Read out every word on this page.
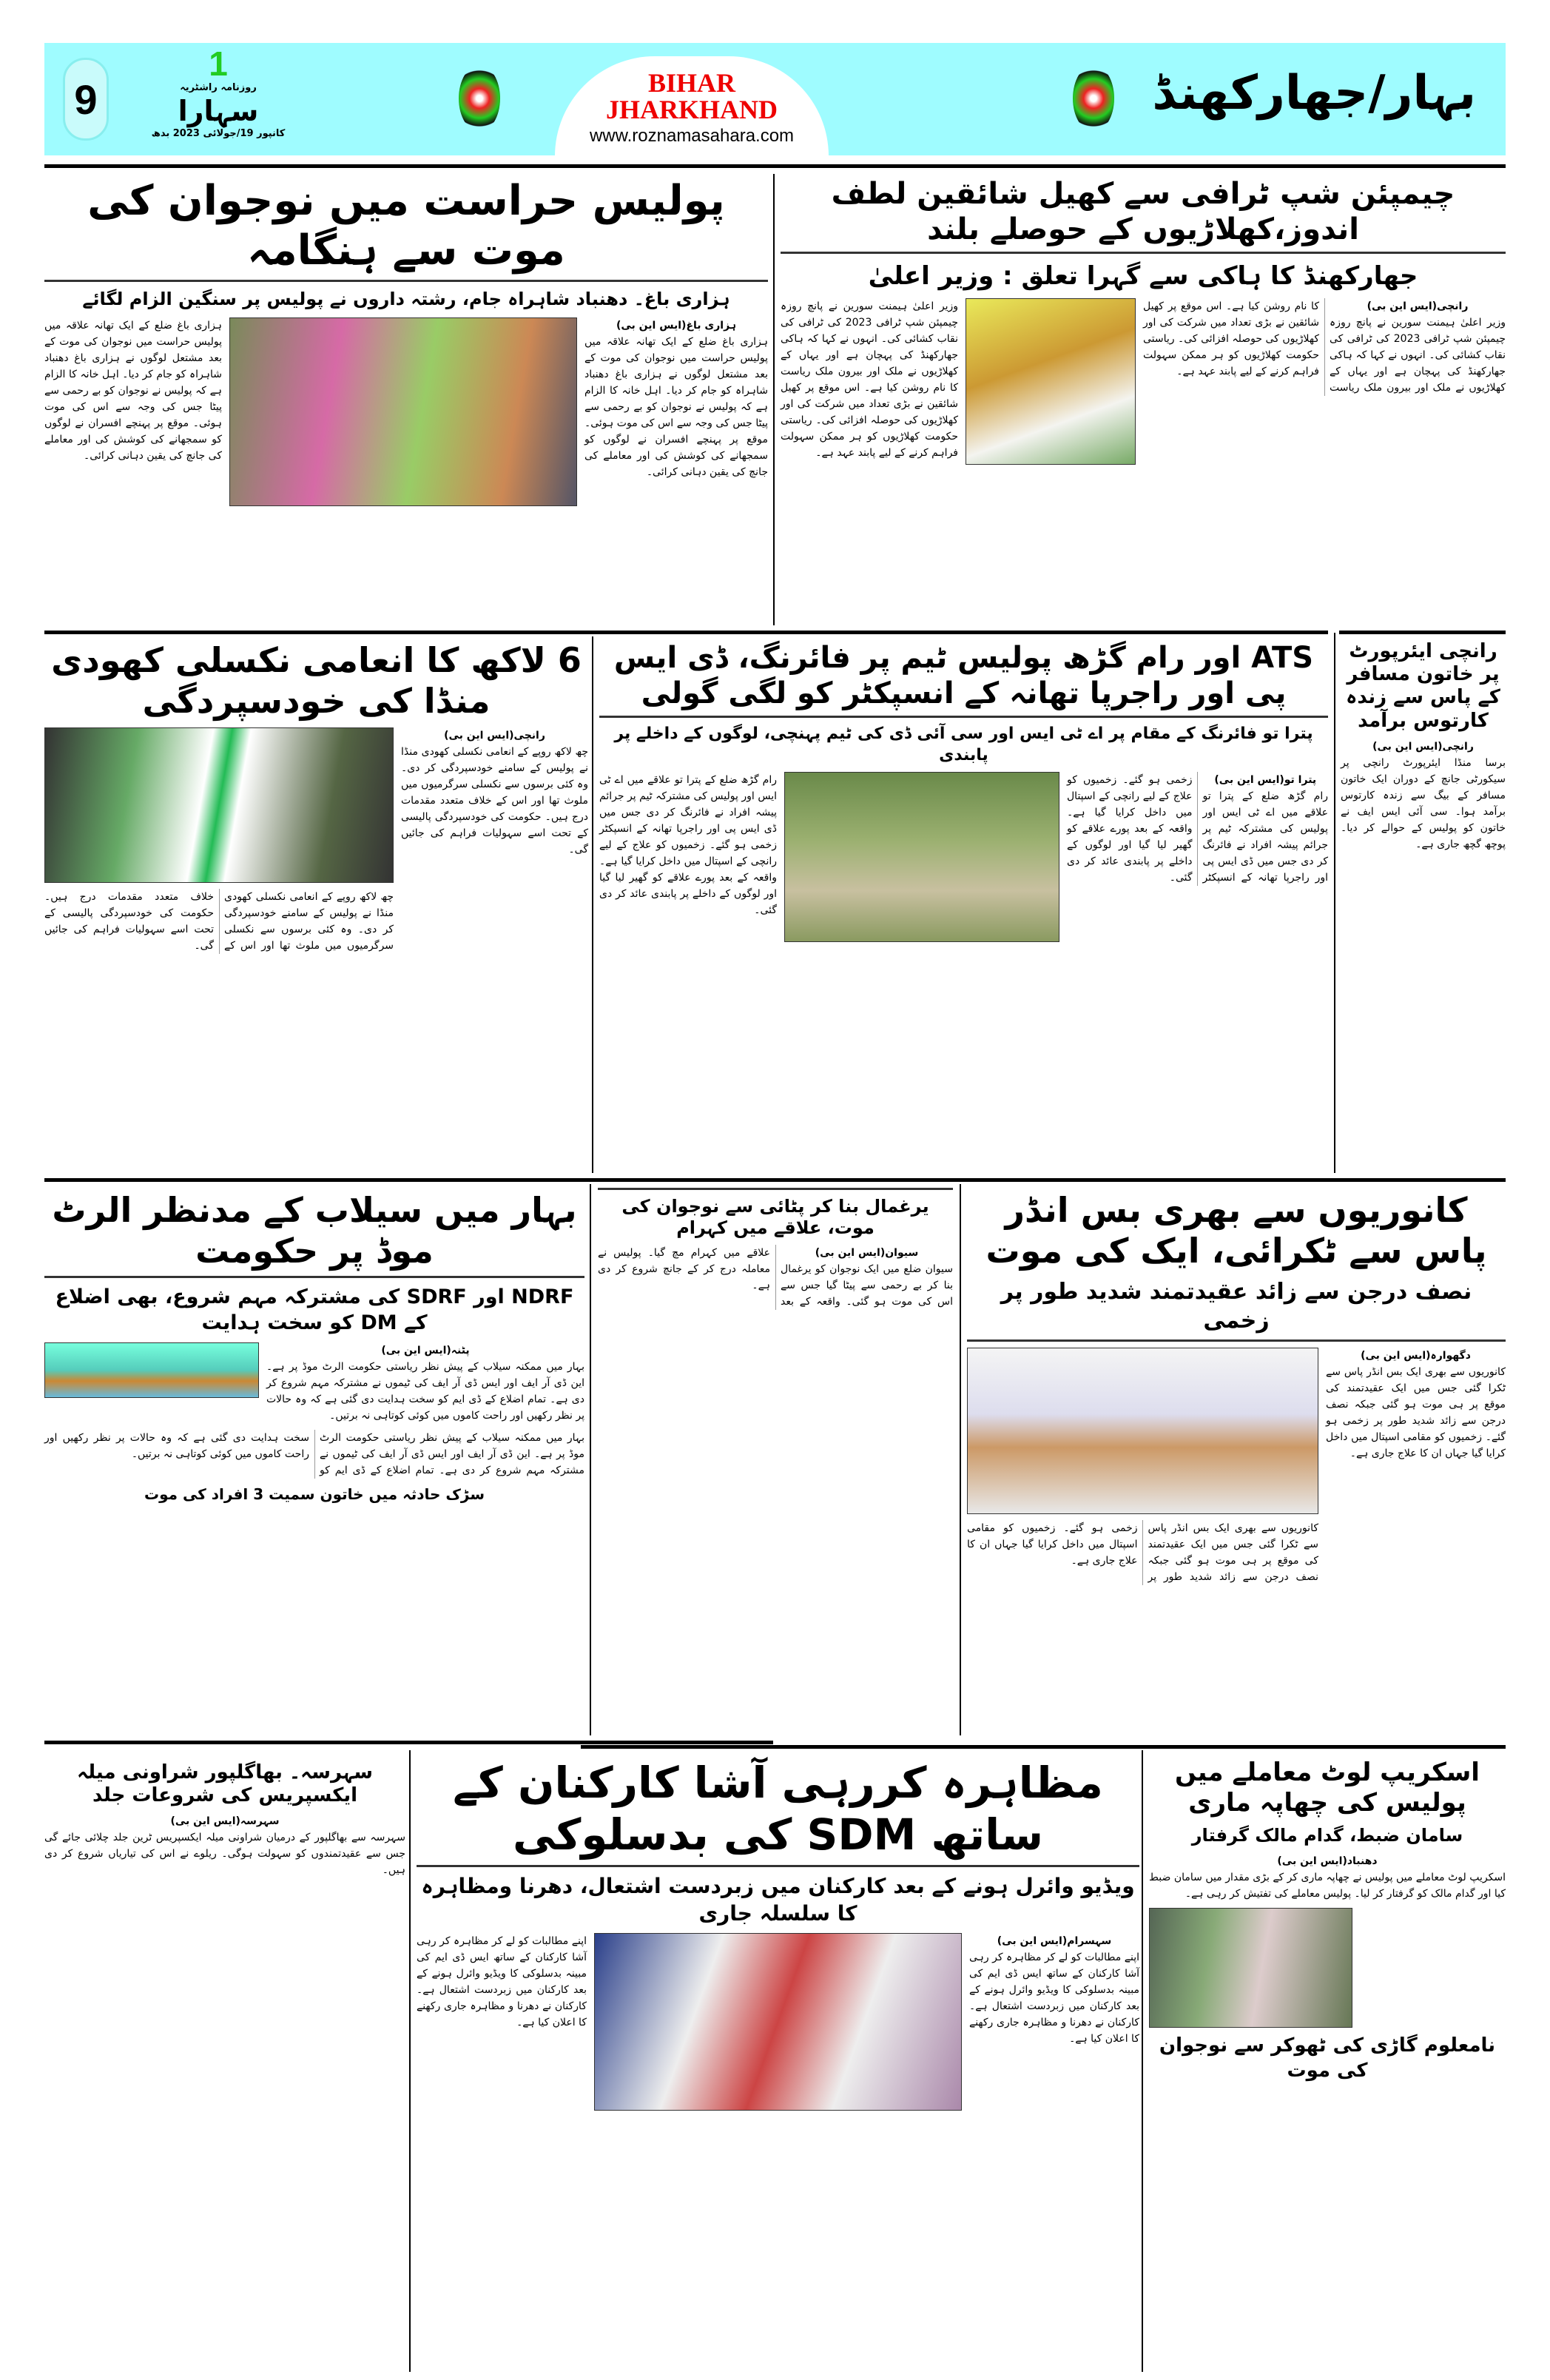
9
1
روزنامہ راشٹریہ
سہارا
کانپور 19/جولائی 2023 بدھ
BIHAR
JHARKHAND
www.roznamasahara.com
بہار/جھارکھنڈ
چیمپئن شپ ٹرافی سے کھیل شائقین لطف اندوز،کھلاڑیوں کے حوصلے بلند
جھارکھنڈ کا ہاکی سے گہرا تعلق : وزیر اعلیٰ
وزیر اعلیٰ ہیمنت سورین نے پانچ روزہ چیمپئن شپ ٹرافی 2023 کی ٹرافی کی نقاب کشائی کی۔ انہوں نے کہا کہ ہاکی جھارکھنڈ کی پہچان ہے اور یہاں کے کھلاڑیوں نے ملک اور بیرون ملک ریاست کا نام روشن کیا ہے۔ اس موقع پر کھیل شائقین نے بڑی تعداد میں شرکت کی اور کھلاڑیوں کی حوصلہ افزائی کی۔ ریاستی حکومت کھلاڑیوں کو ہر ممکن سہولت فراہم کرنے کے لیے پابند عہد ہے۔
رانچی(ایس این بی)
وزیر اعلیٰ ہیمنت سورین نے پانچ روزہ چیمپئن شپ ٹرافی 2023 کی ٹرافی کی نقاب کشائی کی۔ انہوں نے کہا کہ ہاکی جھارکھنڈ کی پہچان ہے اور یہاں کے کھلاڑیوں نے ملک اور بیرون ملک ریاست کا نام روشن کیا ہے۔ اس موقع پر کھیل شائقین نے بڑی تعداد میں شرکت کی اور کھلاڑیوں کی حوصلہ افزائی کی۔ ریاستی حکومت کھلاڑیوں کو ہر ممکن سہولت فراہم کرنے کے لیے پابند عہد ہے۔
پولیس حراست میں نوجوان کی موت سے ہنگامہ
ہزاری باغ۔ دھنباد شاہراہ جام، رشتہ داروں نے پولیس پر سنگین الزام لگائے
ہزاری باغ ضلع کے ایک تھانہ علاقہ میں پولیس حراست میں نوجوان کی موت کے بعد مشتعل لوگوں نے ہزاری باغ دھنباد شاہراہ کو جام کر دیا۔ اہل خانہ کا الزام ہے کہ پولیس نے نوجوان کو بے رحمی سے پیٹا جس کی وجہ سے اس کی موت ہوئی۔ موقع پر پہنچے افسران نے لوگوں کو سمجھانے کی کوشش کی اور معاملے کی جانچ کی یقین دہانی کرائی۔
ہزاری باغ(ایس این بی)
ہزاری باغ ضلع کے ایک تھانہ علاقہ میں پولیس حراست میں نوجوان کی موت کے بعد مشتعل لوگوں نے ہزاری باغ دھنباد شاہراہ کو جام کر دیا۔ اہل خانہ کا الزام ہے کہ پولیس نے نوجوان کو بے رحمی سے پیٹا جس کی وجہ سے اس کی موت ہوئی۔ موقع پر پہنچے افسران نے لوگوں کو سمجھانے کی کوشش کی اور معاملے کی جانچ کی یقین دہانی کرائی۔
رانچی ایئرپورٹ پر خاتون مسافر کے پاس سے زندہ کارتوس برآمد
رانچی(ایس این بی)
برسا منڈا ایئرپورٹ رانچی پر سیکورٹی جانچ کے دوران ایک خاتون مسافر کے بیگ سے زندہ کارتوس برآمد ہوا۔ سی آئی ایس ایف نے خاتون کو پولیس کے حوالے کر دیا۔ پوچھ گچھ جاری ہے۔
ATS اور رام گڑھ پولیس ٹیم پر فائرنگ، ڈی ایس پی اور راجرپا تھانہ کے انسپکٹر کو لگی گولی
پترا تو فائرنگ کے مقام پر اے ٹی ایس اور سی آئی ڈی کی ٹیم پہنچی، لوگوں کے داخلے پر پابندی
رام گڑھ ضلع کے پترا تو علاقے میں اے ٹی ایس اور پولیس کی مشترکہ ٹیم پر جرائم پیشہ افراد نے فائرنگ کر دی جس میں ڈی ایس پی اور راجرپا تھانہ کے انسپکٹر زخمی ہو گئے۔ زخمیوں کو علاج کے لیے رانچی کے اسپتال میں داخل کرایا گیا ہے۔ واقعہ کے بعد پورے علاقے کو گھیر لیا گیا اور لوگوں کے داخلے پر پابندی عائد کر دی گئی۔
پترا تو(ایس این بی)
رام گڑھ ضلع کے پترا تو علاقے میں اے ٹی ایس اور پولیس کی مشترکہ ٹیم پر جرائم پیشہ افراد نے فائرنگ کر دی جس میں ڈی ایس پی اور راجرپا تھانہ کے انسپکٹر زخمی ہو گئے۔ زخمیوں کو علاج کے لیے رانچی کے اسپتال میں داخل کرایا گیا ہے۔ واقعہ کے بعد پورے علاقے کو گھیر لیا گیا اور لوگوں کے داخلے پر پابندی عائد کر دی گئی۔
6 لاکھ کا انعامی نکسلی کھودی منڈا کی خودسپردگی
رانچی(ایس این بی)
چھ لاکھ روپے کے انعامی نکسلی کھودی منڈا نے پولیس کے سامنے خودسپردگی کر دی۔ وہ کئی برسوں سے نکسلی سرگرمیوں میں ملوث تھا اور اس کے خلاف متعدد مقدمات درج ہیں۔ حکومت کی خودسپردگی پالیسی کے تحت اسے سہولیات فراہم کی جائیں گی۔
چھ لاکھ روپے کے انعامی نکسلی کھودی منڈا نے پولیس کے سامنے خودسپردگی کر دی۔ وہ کئی برسوں سے نکسلی سرگرمیوں میں ملوث تھا اور اس کے خلاف متعدد مقدمات درج ہیں۔ حکومت کی خودسپردگی پالیسی کے تحت اسے سہولیات فراہم کی جائیں گی۔
کانوریوں سے بھری بس انڈر پاس سے ٹکرائی، ایک کی موت
نصف درجن سے زائد عقیدتمند شدید طور پر زخمی
دگھوارہ(ایس این بی)
کانوریوں سے بھری ایک بس انڈر پاس سے ٹکرا گئی جس میں ایک عقیدتمند کی موقع پر ہی موت ہو گئی جبکہ نصف درجن سے زائد شدید طور پر زخمی ہو گئے۔ زخمیوں کو مقامی اسپتال میں داخل کرایا گیا جہاں ان کا علاج جاری ہے۔
کانوریوں سے بھری ایک بس انڈر پاس سے ٹکرا گئی جس میں ایک عقیدتمند کی موقع پر ہی موت ہو گئی جبکہ نصف درجن سے زائد شدید طور پر زخمی ہو گئے۔ زخمیوں کو مقامی اسپتال میں داخل کرایا گیا جہاں ان کا علاج جاری ہے۔
یرغمال بنا کر پٹائی سے نوجوان کی موت، علاقے میں کہرام
سیوان(ایس این بی)
سیوان ضلع میں ایک نوجوان کو یرغمال بنا کر بے رحمی سے پیٹا گیا جس سے اس کی موت ہو گئی۔ واقعہ کے بعد علاقے میں کہرام مچ گیا۔ پولیس نے معاملہ درج کر کے جانچ شروع کر دی ہے۔
بہار میں سیلاب کے مدنظر الرٹ موڈ پر حکومت
NDRF اور SDRF کی مشترکہ مہم شروع، بھی اضلاع کے DM کو سخت ہدایت
پٹنہ(ایس این بی)
بہار میں ممکنہ سیلاب کے پیش نظر ریاستی حکومت الرٹ موڈ پر ہے۔ این ڈی آر ایف اور ایس ڈی آر ایف کی ٹیموں نے مشترکہ مہم شروع کر دی ہے۔ تمام اضلاع کے ڈی ایم کو سخت ہدایت دی گئی ہے کہ وہ حالات پر نظر رکھیں اور راحت کاموں میں کوئی کوتاہی نہ برتیں۔
بہار میں ممکنہ سیلاب کے پیش نظر ریاستی حکومت الرٹ موڈ پر ہے۔ این ڈی آر ایف اور ایس ڈی آر ایف کی ٹیموں نے مشترکہ مہم شروع کر دی ہے۔ تمام اضلاع کے ڈی ایم کو سخت ہدایت دی گئی ہے کہ وہ حالات پر نظر رکھیں اور راحت کاموں میں کوئی کوتاہی نہ برتیں۔
سڑک حادثہ میں خاتون سمیت 3 افراد کی موت
اسکریپ لوٹ معاملے میں پولیس کی چھاپہ ماری
سامان ضبط، گدام مالک گرفتار
دھنباد(ایس این بی)
اسکریپ لوٹ معاملے میں پولیس نے چھاپہ ماری کر کے بڑی مقدار میں سامان ضبط کیا اور گدام مالک کو گرفتار کر لیا۔ پولیس معاملے کی تفتیش کر رہی ہے۔
نامعلوم گاڑی کی ٹھوکر سے نوجوان کی موت
مظاہرہ کررہی آشا کارکنان کے ساتھ SDM کی بدسلوکی
ویڈیو وائرل ہونے کے بعد کارکنان میں زبردست اشتعال، دھرنا ومظاہرہ کا سلسلہ جاری
اپنے مطالبات کو لے کر مظاہرہ کر رہی آشا کارکنان کے ساتھ ایس ڈی ایم کی مبینہ بدسلوکی کا ویڈیو وائرل ہونے کے بعد کارکنان میں زبردست اشتعال ہے۔ کارکنان نے دھرنا و مظاہرہ جاری رکھنے کا اعلان کیا ہے۔
سہسرام(ایس این بی)
اپنے مطالبات کو لے کر مظاہرہ کر رہی آشا کارکنان کے ساتھ ایس ڈی ایم کی مبینہ بدسلوکی کا ویڈیو وائرل ہونے کے بعد کارکنان میں زبردست اشتعال ہے۔ کارکنان نے دھرنا و مظاہرہ جاری رکھنے کا اعلان کیا ہے۔
سہرسہ۔ بھاگلپور شراونی میلہ ایکسپریس کی شروعات جلد
سہرسہ(ایس این بی)
سہرسہ سے بھاگلپور کے درمیان شراونی میلہ ایکسپریس ٹرین جلد چلائی جائے گی جس سے عقیدتمندوں کو سہولت ہوگی۔ ریلوے نے اس کی تیاریاں شروع کر دی ہیں۔
